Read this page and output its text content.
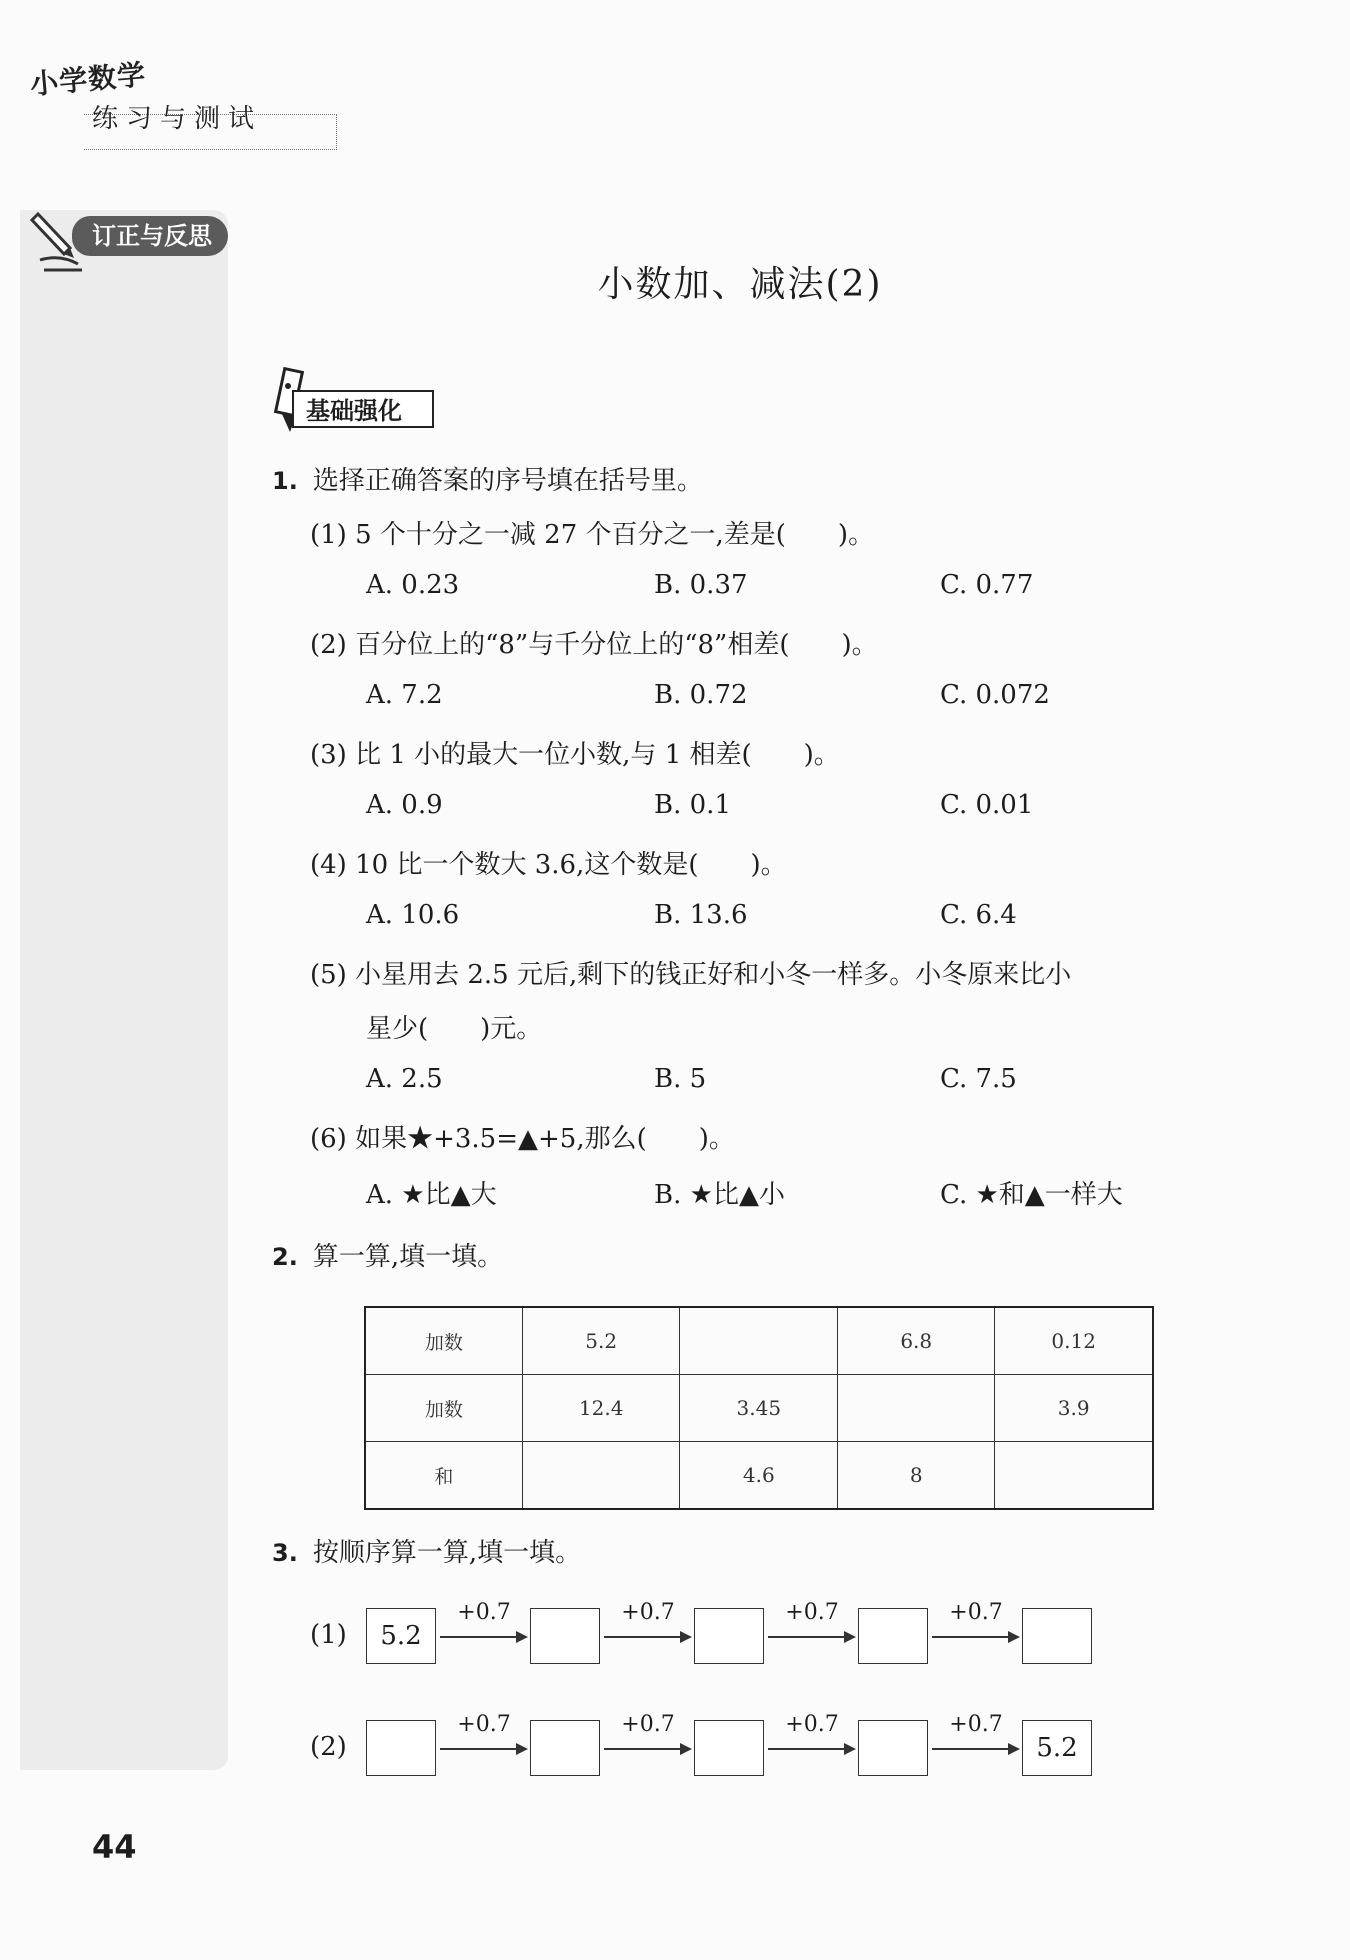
小学数学
练习与测试
订正与反思
小数加、减法(2)
基础强化
1. 选择正确答案的序号填在括号里。
(1) 5 个十分之一减 27 个百分之一,差是(　　)。
A. 0.23	B. 0.37	C. 0.77
(2) 百分位上的“8”与千分位上的“8”相差(　　)。
A. 7.2	B. 0.72	C. 0.072
(3) 比 1 小的最大一位小数,与 1 相差(　　)。
A. 0.9	B. 0.1	C. 0.01
(4) 10 比一个数大 3.6,这个数是(　　)。
A. 10.6	B. 13.6	C. 6.4
(5) 小星用去 2.5 元后,剩下的钱正好和小冬一样多。小冬原来比小
星少(　　)元。
A. 2.5	B. 5	C. 7.5
(6) 如果★+3.5=▲+5,那么(　　)。
A. ★比▲大	B. ★比▲小	C. ★和▲一样大
2. 算一算,填一填。
加数	5.2		6.8	0.12
加数	12.4	3.45		3.9
和		4.6	8	
3. 按顺序算一算,填一填。
(1)	5.2
+0.7	+0.7	+0.7	+0.7
(2)
+0.7	+0.7	+0.7	+0.7
5.2
44
